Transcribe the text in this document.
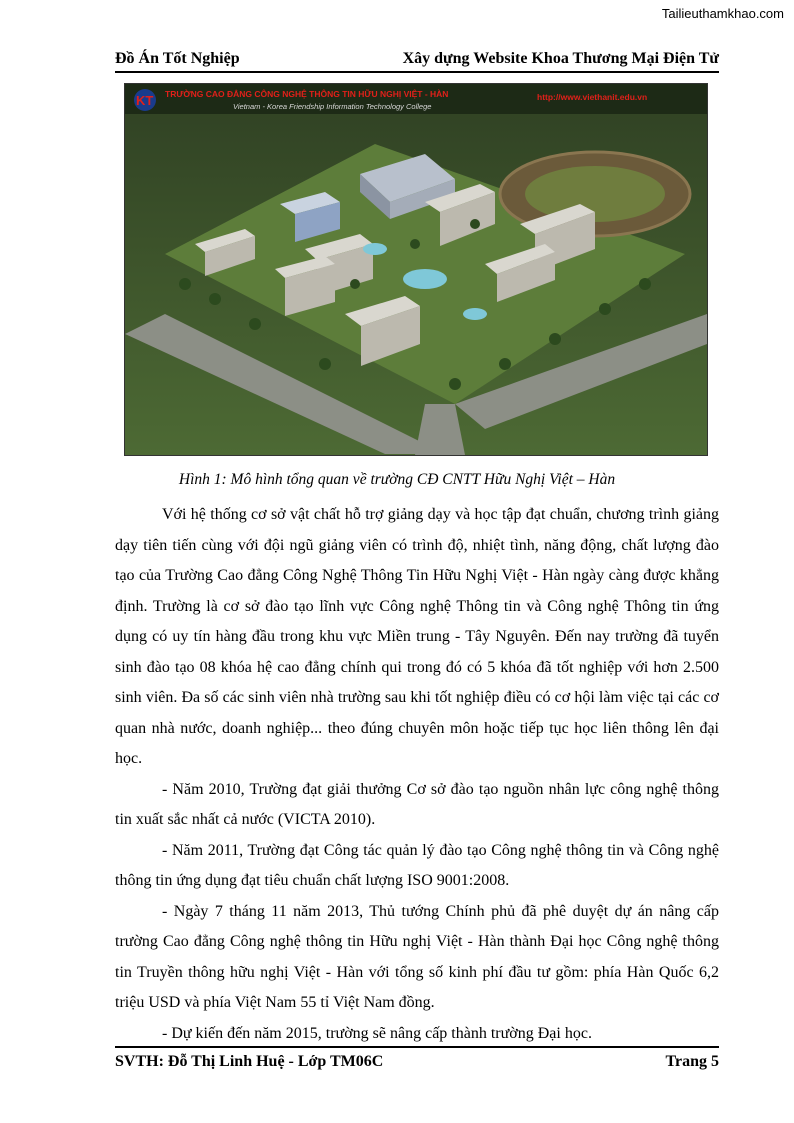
Tailieuthamkhao.com
Đồ Án Tốt Nghiệp	Xây dựng Website Khoa Thương Mại Điện Tử
KT TRƯỜNG CAO ĐẲNG CÔNG NGHỆ THÔNG TIN HỮU NGHỊ VIỆT - HÀN
Vietnam - Korea Friendship Information Technology College
http://www.viethanit.edu.vn
Hình 1: Mô hình tổng quan về trường CĐ CNTT Hữu Nghị Việt – Hàn

Với hệ thống cơ sở vật chất hỗ trợ giảng dạy và học tập đạt chuẩn, chương trình giảng dạy tiên tiến cùng với đội ngũ giảng viên có trình độ, nhiệt tình, năng động, chất lượng đào tạo của Trường Cao đẳng Công Nghệ Thông Tin Hữu Nghị Việt - Hàn ngày càng được khẳng định. Trường là cơ sở đào tạo lĩnh vực Công nghệ Thông tin và Công nghệ Thông tin ứng dụng có uy tín hàng đầu trong khu vực Miền trung - Tây Nguyên. Đến nay trường đã tuyển sinh đào tạo 08 khóa hệ cao đẳng chính qui trong đó có 5 khóa đã tốt nghiệp với hơn 2.500 sinh viên. Đa số các sinh viên nhà trường sau khi tốt nghiệp điều có cơ hội làm việc tại các cơ quan nhà nước, doanh nghiệp... theo đúng chuyên môn hoặc tiếp tục học liên thông lên đại học.

- Năm 2010, Trường đạt giải thưởng Cơ sở đào tạo nguồn nhân lực công nghệ thông tin xuất sắc nhất cả nước (VICTA 2010).

- Năm 2011, Trường đạt Công tác quản lý đào tạo Công nghệ thông tin và Công nghệ thông tin ứng dụng đạt tiêu chuẩn chất lượng ISO 9001:2008.

- Ngày 7 tháng 11 năm 2013, Thủ tướng Chính phủ đã phê duyệt dự án nâng cấp trường Cao đẳng Công nghệ thông tin Hữu nghị Việt - Hàn thành Đại học Công nghệ thông tin Truyền thông hữu nghị Việt - Hàn với tổng số kinh phí đầu tư gồm: phía Hàn Quốc 6,2 triệu USD và phía Việt Nam 55 tỉ Việt Nam đồng.

- Dự kiến đến năm 2015, trường sẽ nâng cấp thành trường Đại học.

SVTH: Đỗ Thị Linh Huệ - Lớp TM06C	Trang 5
